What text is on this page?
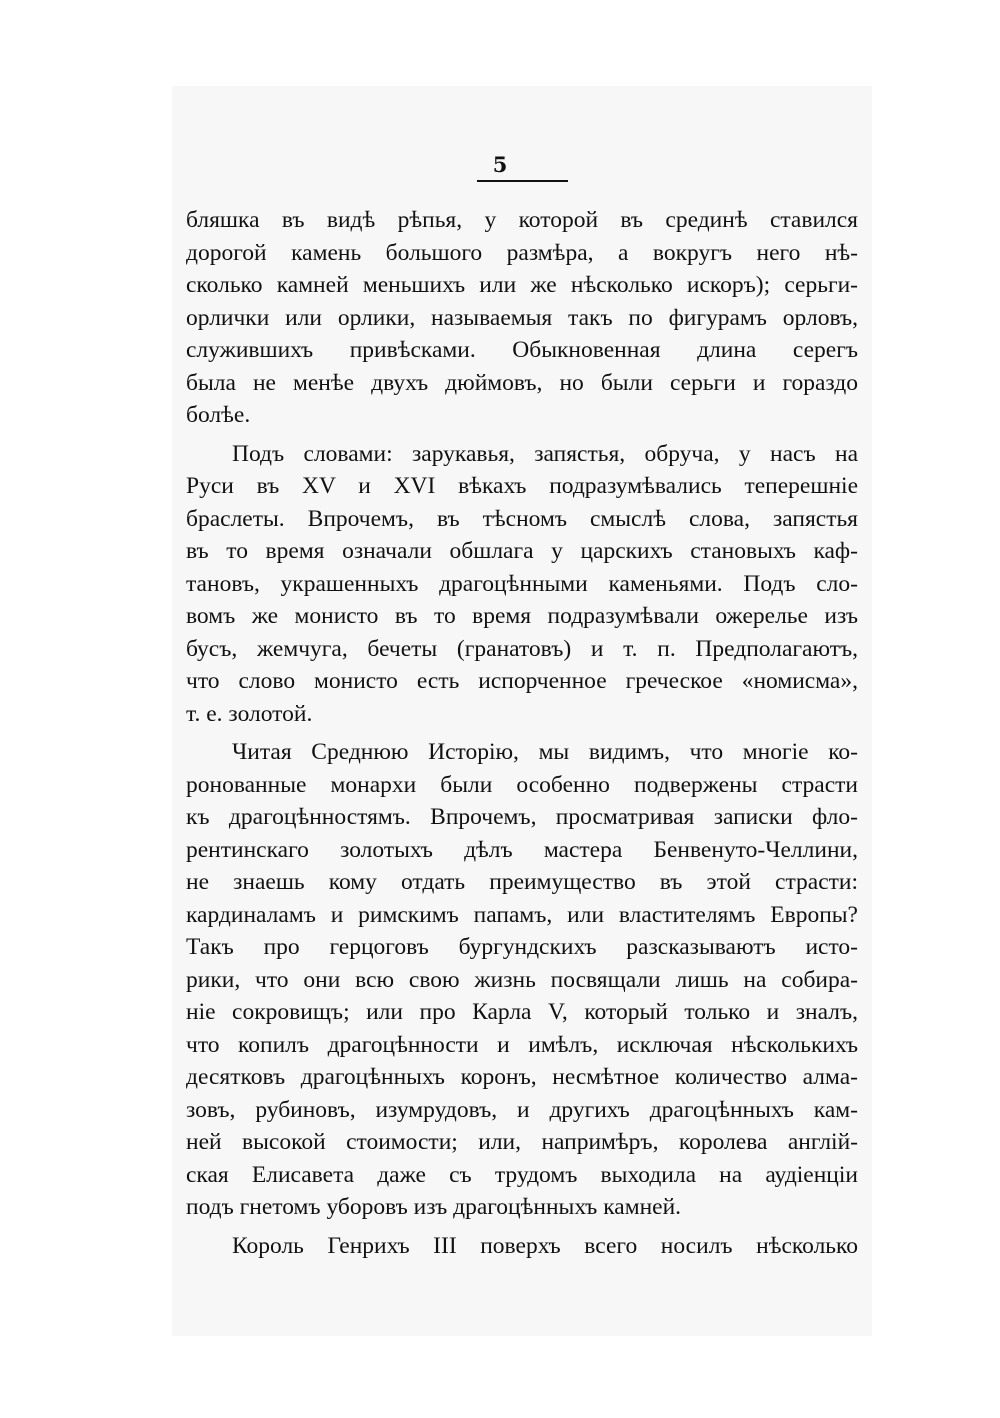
5
бляшка въ видѣ рѣпья, у которой въ срединѣ ставился
дорогой камень большого размѣра, а вокругъ него нѣ-
сколько камней меньшихъ или же нѣсколько искоръ); серьги-
орлички или орлики, называемыя такъ по фигурамъ орловъ,
служившихъ привѣсками. Обыкновенная длина серегъ
была не менѣе двухъ дюймовъ, но были серьги и гораздо
болѣе.
Подъ словами: зарукавья, запястья, обруча, у насъ на
Руси въ XV и XVI вѣкахъ подразумѣвались теперешніе
браслеты. Впрочемъ, въ тѣсномъ смыслѣ слова, запястья
въ то время означали обшлага у царскихъ становыхъ каф-
тановъ, украшенныхъ драгоцѣнными каменьями. Подъ сло-
вомъ же монисто въ то время подразумѣвали ожерелье изъ
бусъ, жемчуга, бечеты (гранатовъ) и т. п. Предполагаютъ,
что слово монисто есть испорченное греческое «номисма»,
т. е. золотой.
Читая Среднюю Исторію, мы видимъ, что многіе ко-
ронованные монархи были особенно подвержены страсти
къ драгоцѣнностямъ. Впрочемъ, просматривая записки фло-
рентинскаго золотыхъ дѣлъ мастера Бенвенуто-Челлини,
не знаешь кому отдать преимущество въ этой страсти:
кардиналамъ и римскимъ папамъ, или властителямъ Европы?
Такъ про герцоговъ бургундскихъ разсказываютъ исто-
рики, что они всю свою жизнь посвящали лишь на собира-
ніе сокровищъ; или про Карла V, который только и зналъ,
что копилъ драгоцѣнности и имѣлъ, исключая нѣсколькихъ
десятковъ драгоцѣнныхъ коронъ, несмѣтное количество алма-
зовъ, рубиновъ, изумрудовъ, и другихъ драгоцѣнныхъ кам-
ней высокой стоимости; или, напримѣръ, королева англій-
ская Елисавета даже съ трудомъ выходила на аудіенціи
подъ гнетомъ уборовъ изъ драгоцѣнныхъ камней.
Король Генрихъ III поверхъ всего носилъ нѣсколько
